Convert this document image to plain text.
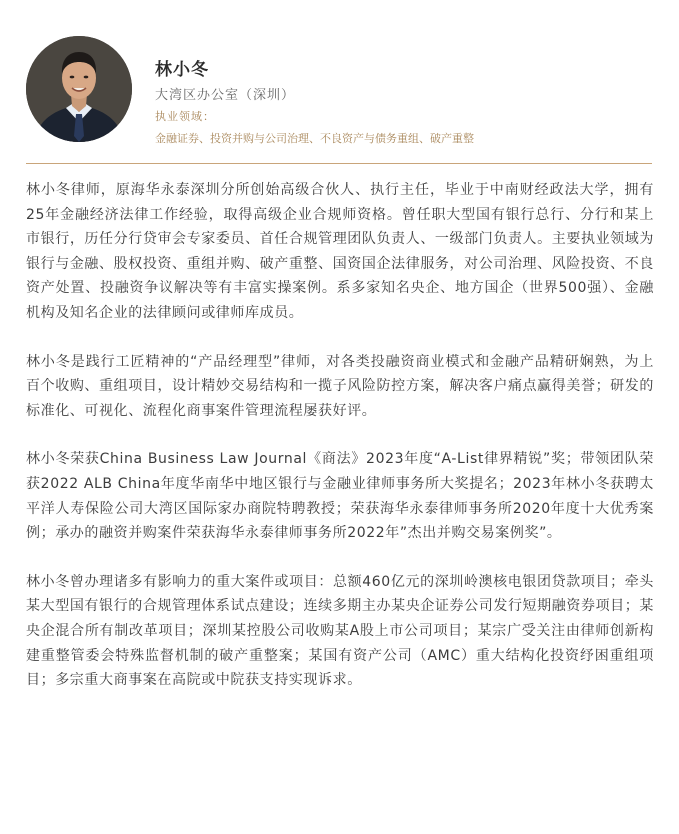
林小冬
大湾区办公室（深圳）
执业领域：
金融证券、投资并购与公司治理、不良资产与债务重组、破产重整

林小冬律师，原海华永泰深圳分所创始高级合伙人、执行主任，毕业于中南财经政法大学，拥有25年金融经济法律工作经验，取得高级企业合规师资格。曾任职大型国有银行总行、分行和某上市银行，历任分行贷审会专家委员、首任合规管理团队负责人、一级部门负责人。主要执业领域为银行与金融、股权投资、重组并购、破产重整、国资国企法律服务，对公司治理、风险投资、不良资产处置、投融资争议解决等有丰富实操案例。系多家知名央企、地方国企（世界500强）、金融机构及知名企业的法律顾问或律师库成员。

林小冬是践行工匠精神的“产品经理型”律师，对各类投融资商业模式和金融产品精研娴熟，为上百个收购、重组项目，设计精妙交易结构和一揽子风险防控方案，解决客户痛点赢得美誉；研发的标准化、可视化、流程化商事案件管理流程屡获好评。

林小冬荣获China Business Law Journal《商法》2023年度“A-List律界精锐”奖；带领团队荣获2022 ALB China年度华南华中地区银行与金融业律师事务所大奖提名；2023年林小冬获聘太平洋人寿保险公司大湾区国际家办商院特聘教授；荣获海华永泰律师事务所2020年度十大优秀案例；承办的融资并购案件荣获海华永泰律师事务所2022年”杰出并购交易案例奖”。

林小冬曾办理诸多有影响力的重大案件或项目：总额460亿元的深圳岭澳核电银团贷款项目；牵头某大型国有银行的合规管理体系试点建设；连续多期主办某央企证券公司发行短期融资券项目；某央企混合所有制改革项目；深圳某控股公司收购某A股上市公司项目；某宗广受关注由律师创新构建重整管委会特殊监督机制的破产重整案；某国有资产公司（AMC）重大结构化投资纾困重组项目；多宗重大商事案在高院或中院获支持实现诉求。
